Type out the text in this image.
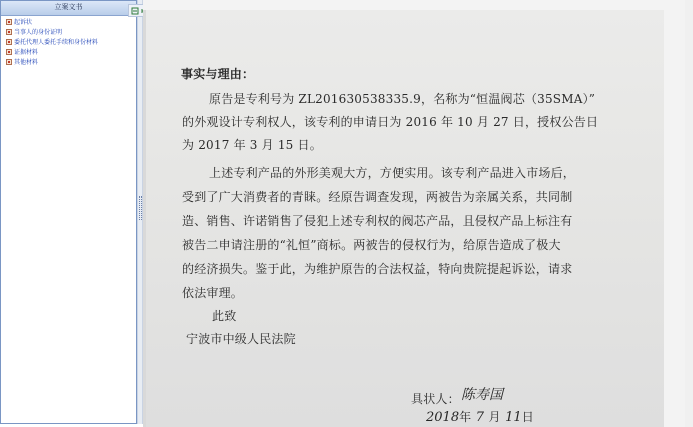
立案文书
起诉状
当事人的身份证明
委托代理人委托手续和身份材料
证据材料
其他材料
事实与理由：
原告是专利号为 ZL201630538335.9，名称为“恒温阀芯（35SMA）”
的外观设计专利权人，该专利的申请日为 2016 年 10 月 27 日，授权公告日
为 2017 年 3 月 15 日。
上述专利产品的外形美观大方，方便实用。该专利产品进入市场后，
受到了广大消费者的青睐。经原告调查发现，两被告为亲属关系，共同制
造、销售、许诺销售了侵犯上述专利权的阀芯产品，且侵权产品上标注有
被告二申请注册的“礼恒”商标。两被告的侵权行为，给原告造成了极大
的经济损失。鉴于此，为维护原告的合法权益，特向贵院提起诉讼，请求
依法审理。
此致
宁波市中级人民法院
具状人： 陈寿国
2018年 7 月 11日
